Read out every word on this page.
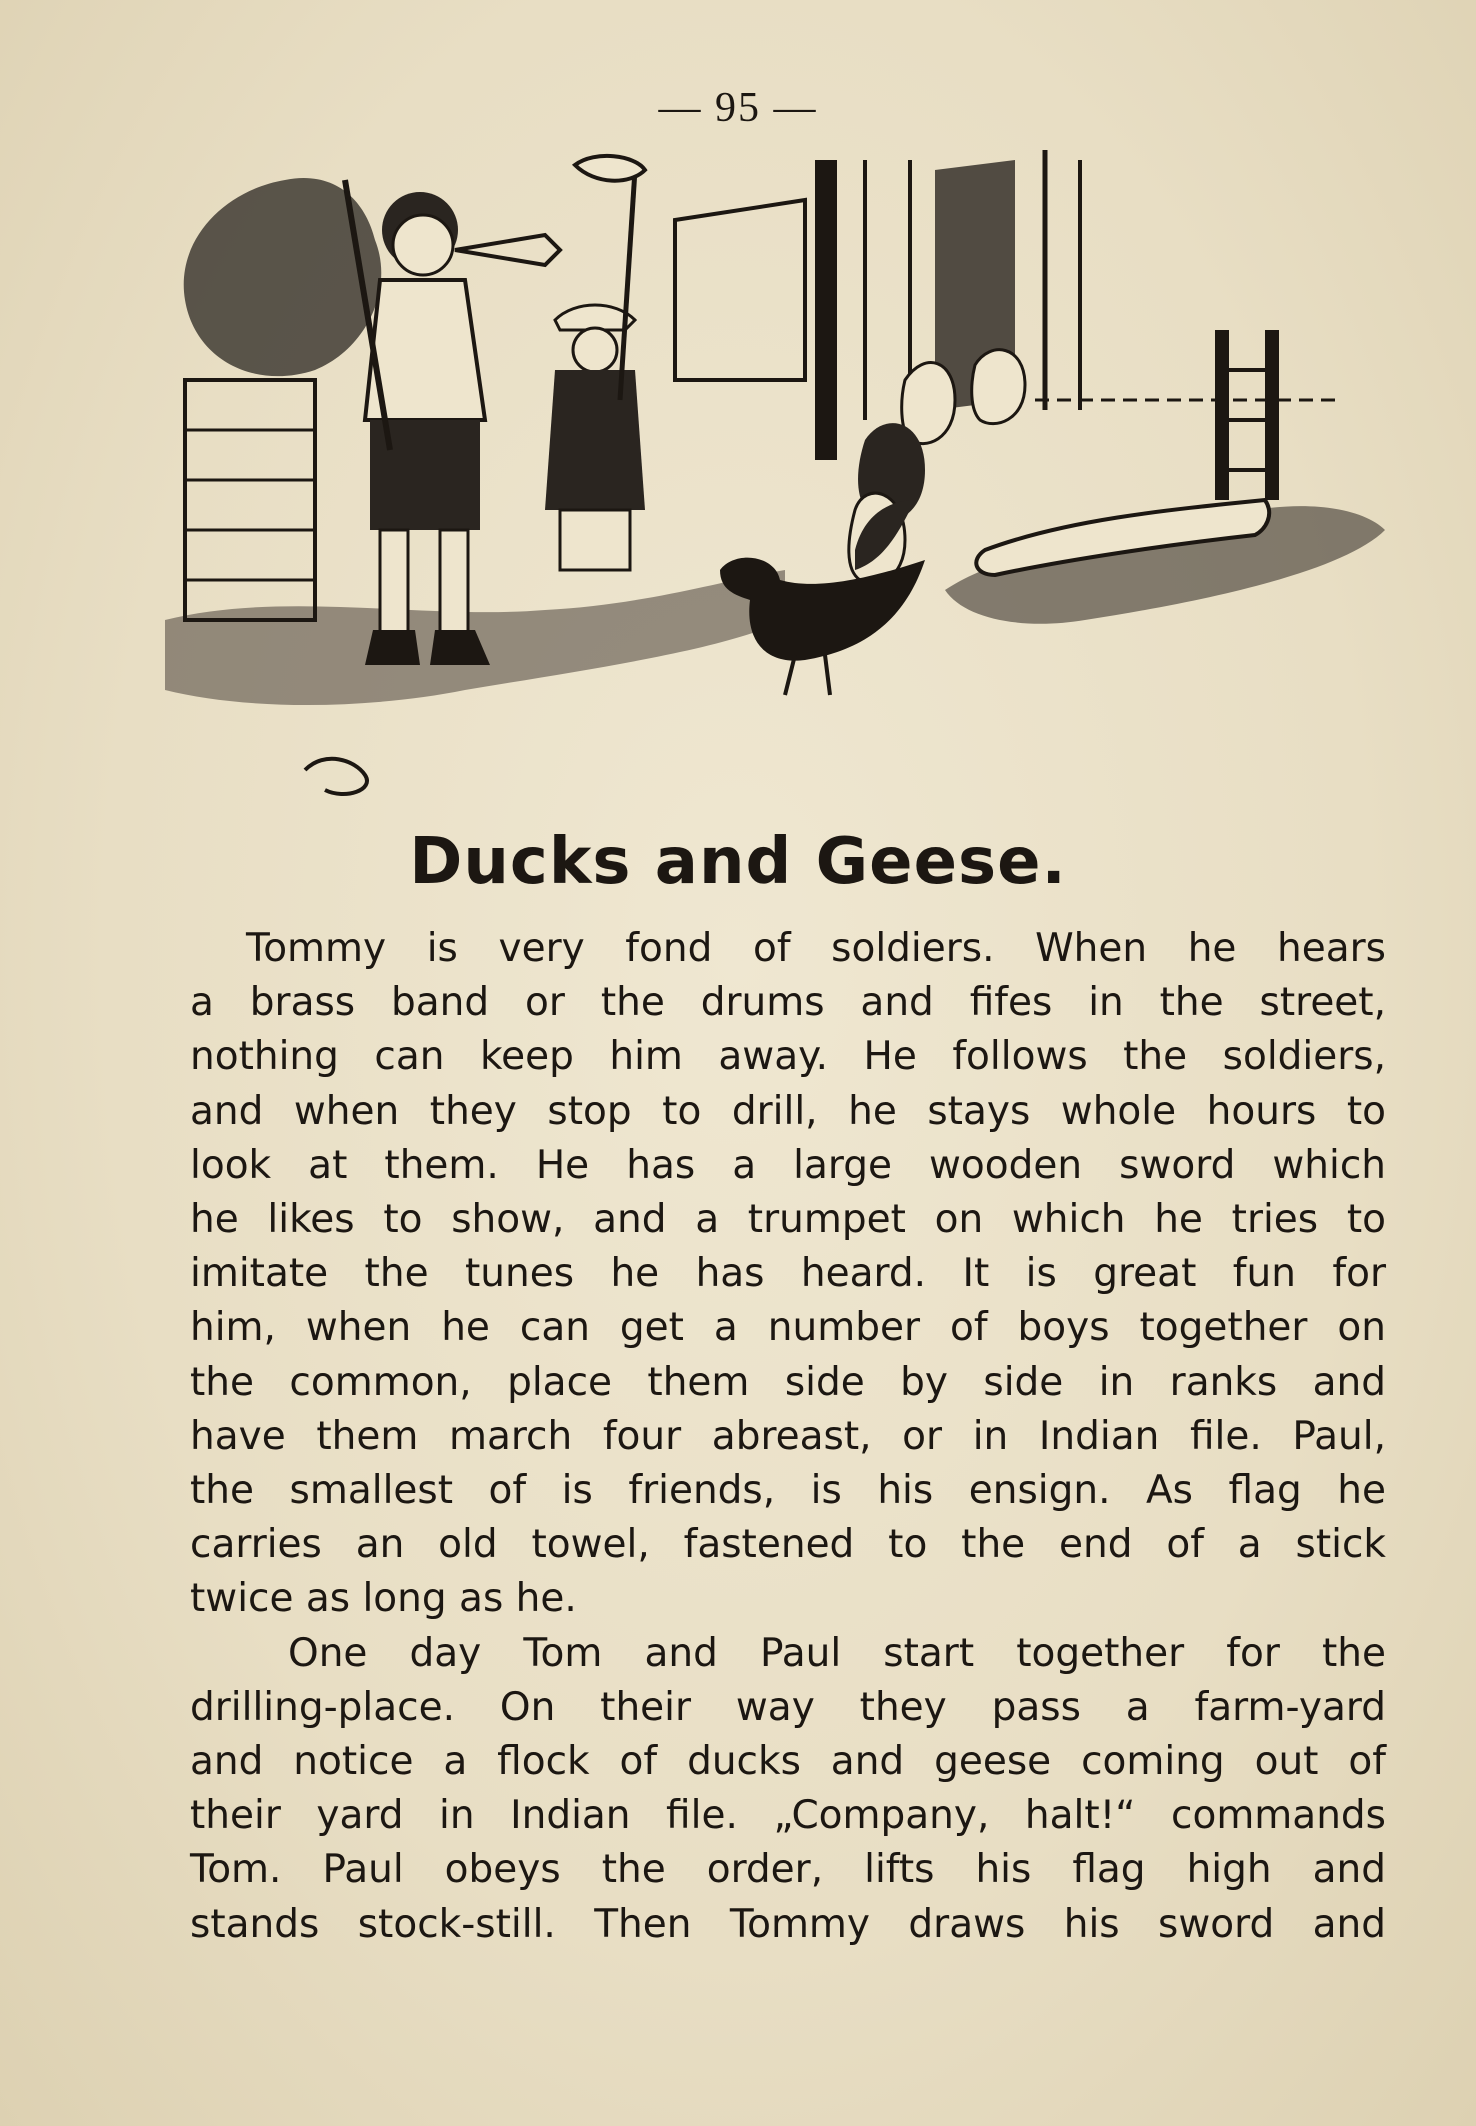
— 95 —
Ducks and Geese.
Tommy is very fond of soldiers. When he hears
a brass band or the drums and fifes in the street,
nothing can keep him away. He follows the soldiers,
and when they stop to drill, he stays whole hours to
look at them. He has a large wooden sword which
he likes to show, and a trumpet on which he tries to
imitate the tunes he has heard. It is great fun for
him, when he can get a number of boys together on
the common, place them side by side in ranks and
have them march four abreast, or in Indian file. Paul,
the smallest of is friends, is his ensign. As flag he
carries an old towel, fastened to the end of a stick
twice as long as he.
One day Tom and Paul start together for the
drilling-place. On their way they pass a farm-yard
and notice a flock of ducks and geese coming out of
their yard in Indian file. „Company, halt!“ commands
Tom. Paul obeys the order, lifts his flag high and
stands stock-still. Then Tommy draws his sword and
